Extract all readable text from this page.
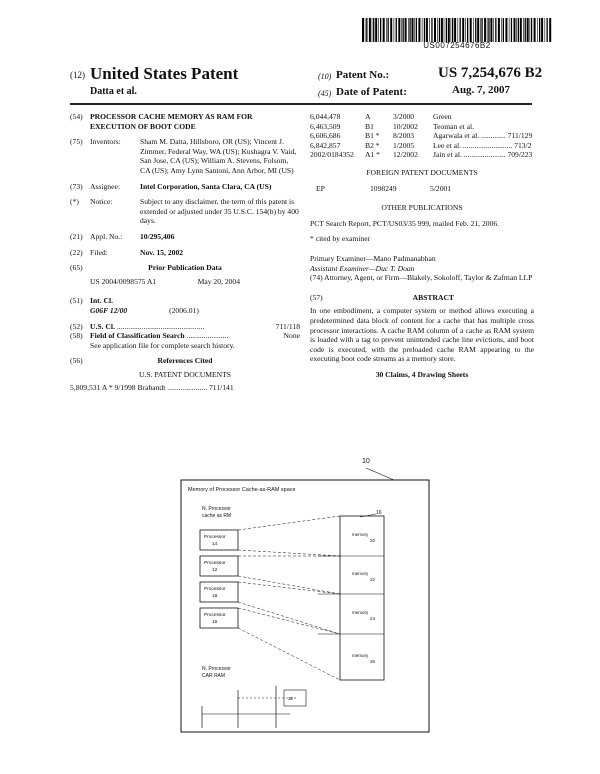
US007254676B2
(12) United States Patent
Datta et al.
(10) Patent No.:	US 7,254,676 B2
(45) Date of Patent:	Aug. 7, 2007
(54) PROCESSOR CACHE MEMORY AS RAM FOR EXECUTION OF BOOT CODE
(75) Inventors:	Sham M. Datta, Hillsboro, OR (US); Vincent J. Zimmer, Federal Way, WA (US); Kushagra V. Vaid, San Jose, CA (US); William A. Stevens, Folsom, CA (US); Amy Lynn Santoni, Ann Arbor, MI (US)
(73) Assignee:	Intel Corporation, Santa Clara, CA (US)
(*) Notice:	Subject to any disclaimer, the term of this patent is extended or adjusted under 35 U.S.C. 154(b) by 400 days.
(21) Appl. No.: 10/295,406
(22) Filed:	Nov. 15, 2002
(65)	Prior Publication Data
US 2004/0098575 A1	May 20, 2004
(51) Int. Cl.
G06F 12/00	(2006.01)
(52) U.S. Cl. ..............................................	711/118
(58) Field of Classification Search ......................	None
See application file for complete search history.
(56)	References Cited
U.S. PATENT DOCUMENTS
5,809,531 A * 9/1998 Brabandt ..................... 711/141
6,044,478	A	3/2000	Green
6,463,509	B1	10/2002	Teoman et al.
6,606,686	B1 *	8/2003	Agarwala et al. ............. 711/129
6,842,857	B2 *	1/2005	Lee et al. .......................... 713/2
2002/0184352	A1 *	12/2002	Jain et al. ...................... 709/223
FOREIGN PATENT DOCUMENTS
EP	1098249	5/2001
OTHER PUBLICATIONS
PCT Search Report, PCT/US03/35 999, mailed Feb. 21, 2006.
* cited by examiner
Primary Examiner—Mano Padmanabhan
Assistant Examiner—Duc T. Doan
(74) Attorney, Agent, or Firm—Blakely, Sokoloff, Taylor & Zafman LLP
(57)	ABSTRACT
In one embodiment, a computer system or method allows executing a predetermined data block of content for a cache that has multiple cross processor interactions. A cache RAM column of a cache as RAM system is loaded with a tag to prevent unintended cache line evictions, and boot code is executed, with the preloaded cache RAM appearing to the executing boot code streams as a memory store.
30 Claims, 4 Drawing Sheets
10
Memory of Processor Cache-as-RAM space
N. Processor
cache as RM	16
Processor
14
Processor
12
Processor
18
Processor
16
memory
20
memory
22
memory
24
memory
26
N. Processor
CAR RAM
32
